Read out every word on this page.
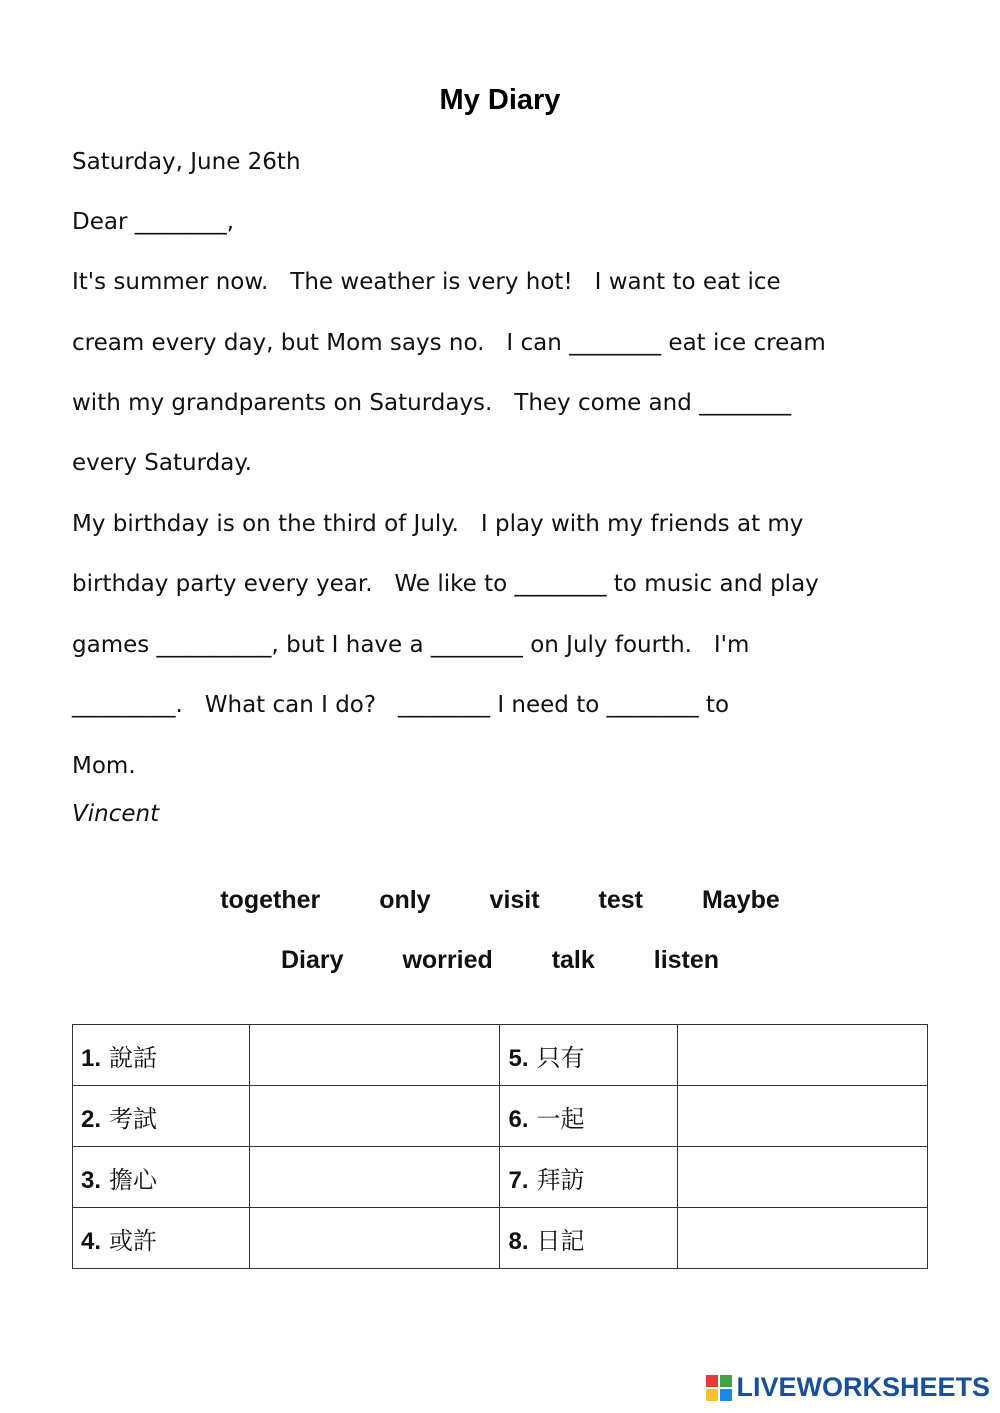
My Diary
Saturday, June 26th
Dear ________,
It's summer now.   The weather is very hot!   I want to eat ice
cream every day, but Mom says no.   I can ________ eat ice cream
with my grandparents on Saturdays.   They come and ________
every Saturday.
My birthday is on the third of July.   I play with my friends at my
birthday party every year.   We like to ________ to music and play
games __________, but I have a ________ on July fourth.   I'm
_________.   What can I do?   ________ I need to ________ to
Mom.
Vincent
together only visit test Maybe
Diary worried talk listen
1. 說話		5. 只有	
2. 考試		6. 一起	
3. 擔心		7. 拜訪	
4. 或許		8. 日記	
LIVEWORKSHEETS
